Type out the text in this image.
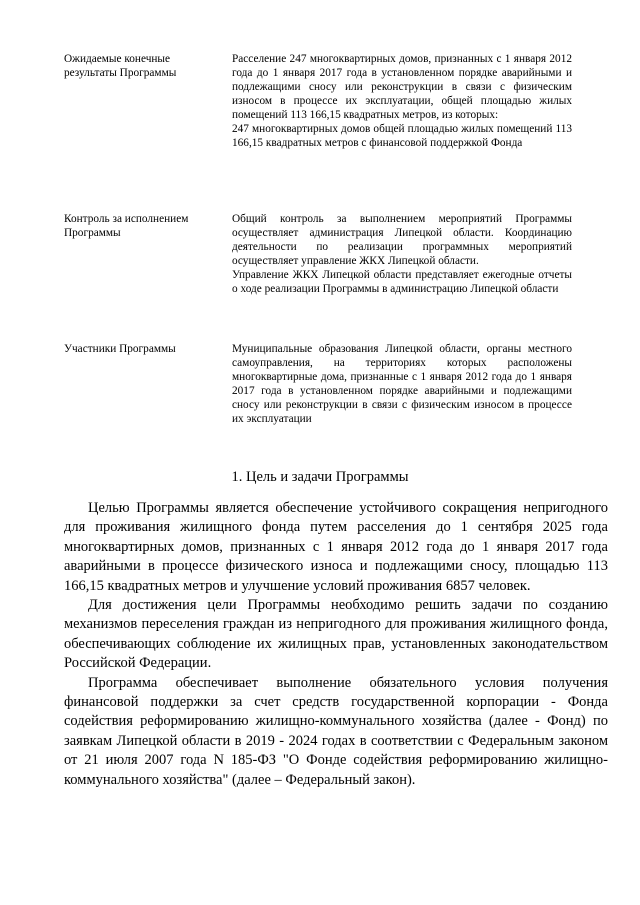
Ожидаемые конечные результаты Программы

Расселение 247 многоквартирных домов, признанных с 1 января 2012 года до 1 января 2017 года в установленном порядке аварийными и подлежащими сносу или реконструкции в связи с физическим износом в процессе их эксплуатации, общей площадью жилых помещений 113 166,15 квадратных метров, из которых:

247 многоквартирных домов общей площадью жилых помещений 113 166,15 квадратных метров с финансовой поддержкой Фонда

Контроль за исполнением Программы

Общий контроль за выполнением мероприятий Программы осуществляет администрация Липецкой области. Координацию деятельности по реализации программных мероприятий осуществляет управление ЖКХ Липецкой области.

Управление ЖКХ Липецкой области представляет ежегодные отчеты о ходе реализации Программы в администрацию Липецкой области

Участники Программы	Муниципальные образования Липецкой области, органы местного самоуправления, на территориях которых расположены многоквартирные дома, признанные с 1 января 2012 года до 1 января 2017 года в установленном порядке аварийными и подлежащими сносу или реконструкции в связи с физическим износом в процессе их эксплуатации

1. Цель и задачи Программы

Целью Программы является обеспечение устойчивого сокращения непригодного для проживания жилищного фонда путем расселения до 1 сентября 2025 года многоквартирных домов, признанных с 1 января 2012 года до 1 января 2017 года аварийными в процессе физического износа и подлежащими сносу, площадью 113 166,15 квадратных метров и улучшение условий проживания 6857 человек.

Для достижения цели Программы необходимо решить задачи по созданию механизмов переселения граждан из непригодного для проживания жилищного фонда, обеспечивающих соблюдение их жилищных прав, установленных законодательством Российской Федерации.

Программа обеспечивает выполнение обязательного условия получения финансовой поддержки за счет средств государственной корпорации - Фонда содействия реформированию жилищно-коммунального хозяйства (далее - Фонд) по заявкам Липецкой области в 2019 - 2024 годах в соответствии с Федеральным законом от 21 июля 2007 года N 185-ФЗ "О Фонде содействия реформированию жилищно-коммунального хозяйства" (далее – Федеральный закон).
